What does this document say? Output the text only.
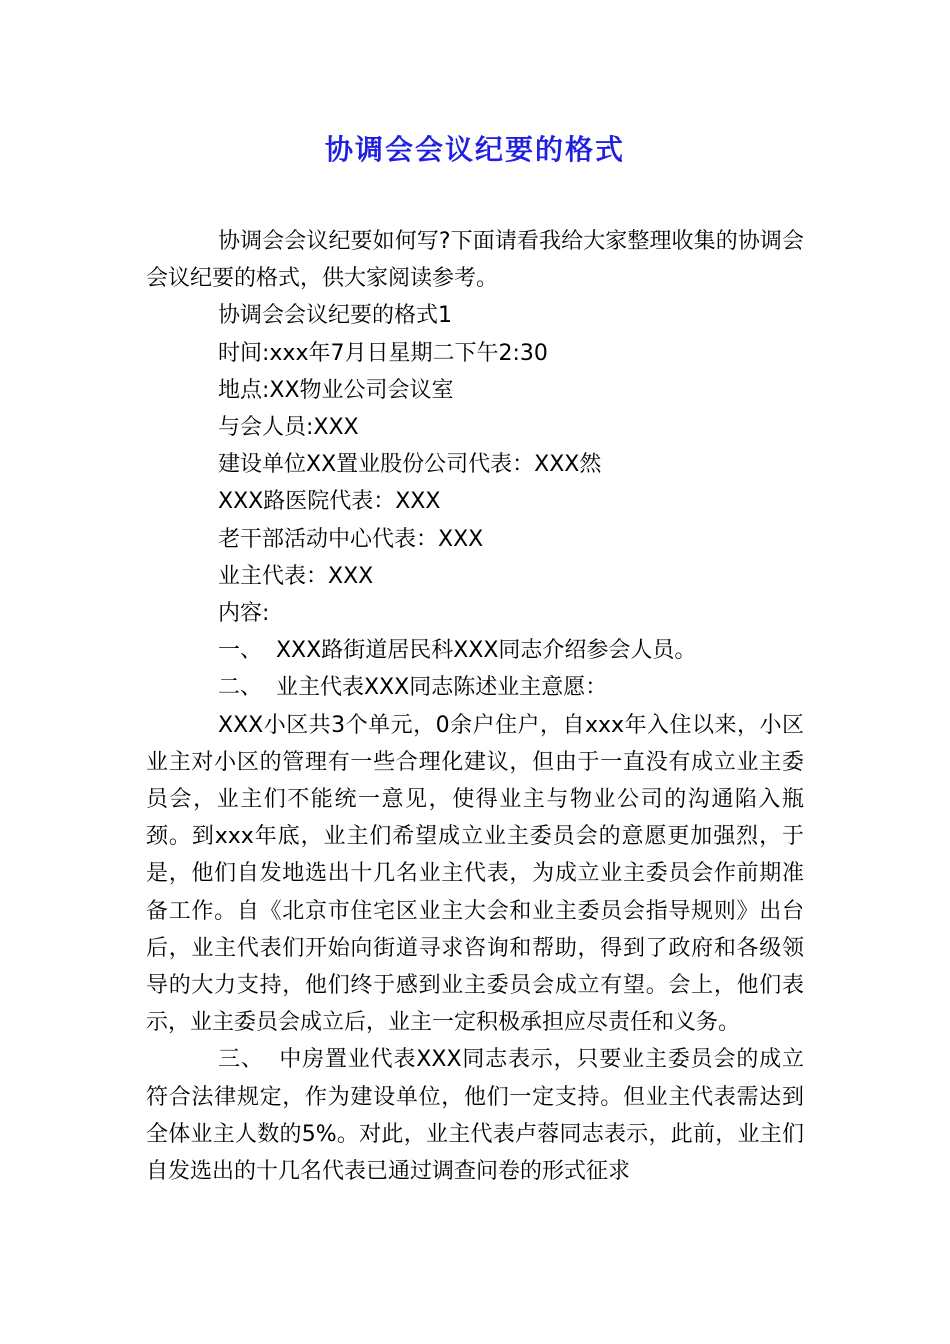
协调会会议纪要的格式

协调会会议纪要如何写?下面请看我给大家整理收集的协调会会议纪要的格式，供大家阅读参考。

协调会会议纪要的格式1

时间:xxx年7月日星期二下午2:30

地点:XX物业公司会议室

与会人员:XXX

建设单位XX置业股份公司代表：XXX然

XXX路医院代表：XXX

老干部活动中心代表：XXX

业主代表：XXX

内容:

一、  XXX路街道居民科XXX同志介绍参会人员。

二、  业主代表XXX同志陈述业主意愿：

XXX小区共3个单元，0余户住户，自xxx年入住以来，小区业主对小区的管理有一些合理化建议，但由于一直没有成立业主委员会，业主们不能统一意见，使得业主与物业公司的沟通陷入瓶颈。到xxx年底，业主们希望成立业主委员会的意愿更加强烈，于是，他们自发地选出十几名业主代表，为成立业主委员会作前期准备工作。自《北京市住宅区业主大会和业主委员会指导规则》出台后，业主代表们开始向街道寻求咨询和帮助，得到了政府和各级领导的大力支持，他们终于感到业主委员会成立有望。会上，他们表示，业主委员会成立后，业主一定积极承担应尽责任和义务。

三、  中房置业代表XXX同志表示，只要业主委员会的成立符合法律规定，作为建设单位，他们一定支持。但业主代表需达到全体业主人数的5%。对此，业主代表卢蓉同志表示，此前，业主们自发选出的十几名代表已通过调查问卷的形式征求
